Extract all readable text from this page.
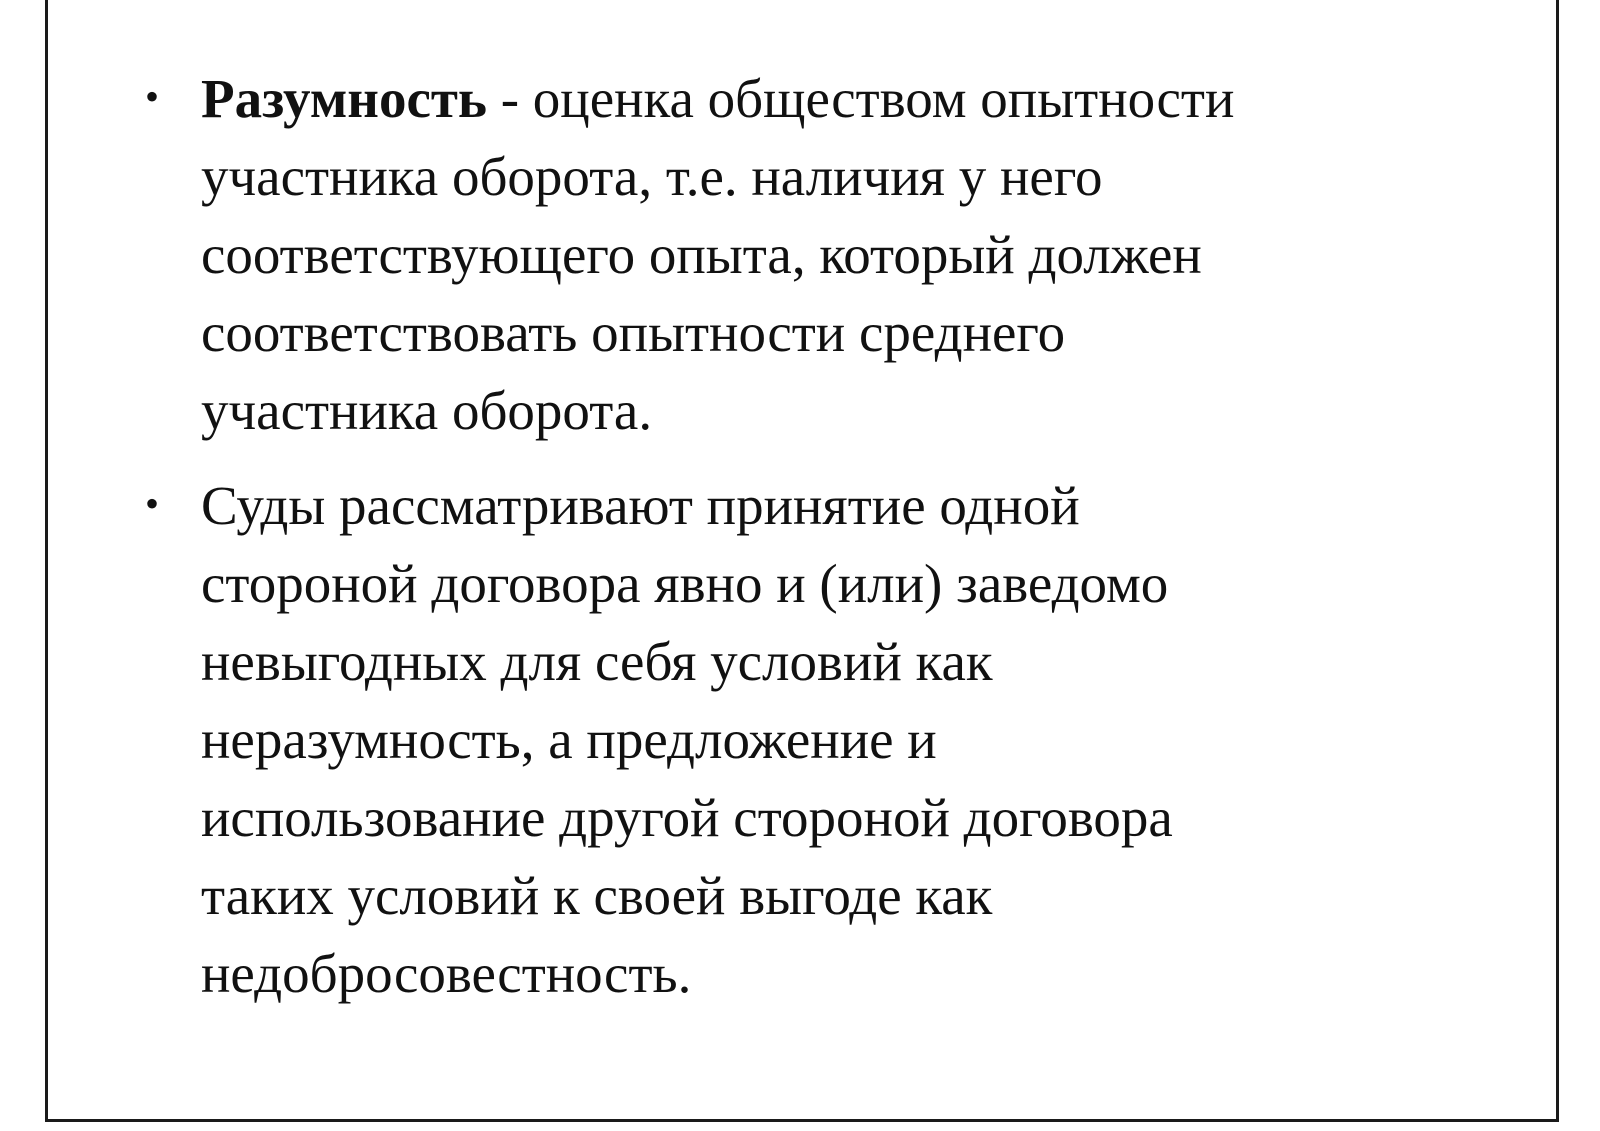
• Разумность - оценка обществом опытности
участника оборота, т.е. наличия у него
соответствующего опыта, который должен
соответствовать опытности среднего
участника оборота.
• Суды рассматривают принятие одной
стороной договора явно и (или) заведомо
невыгодных для себя условий как
неразумность, а предложение и
использование другой стороной договора
таких условий к своей выгоде как
недобросовестность.
